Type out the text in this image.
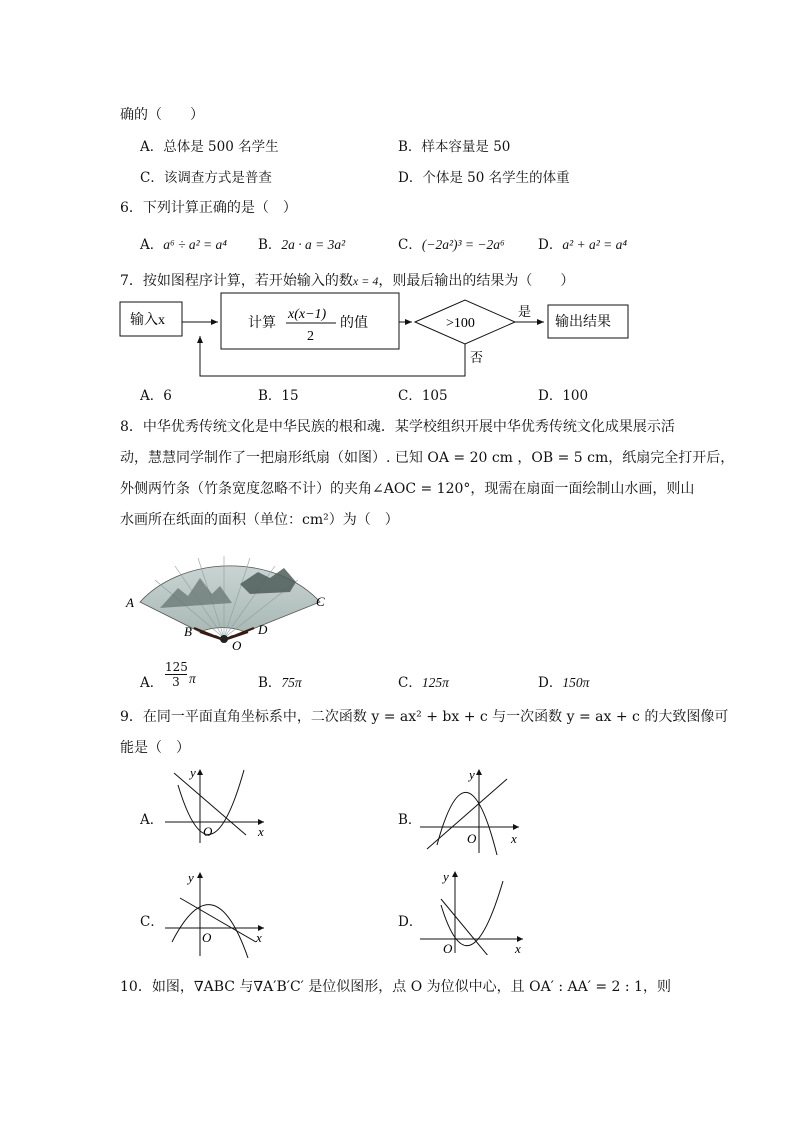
确的（　　）
A．总体是 500 名学生	B．样本容量是 50
C．该调查方式是普查	D．个体是 50 名学生的体重
6．下列计算正确的是（　）
A．a⁶ ÷ a² = a⁴ B．2a · a = 3a²	C．(−2a²)³ = −2a⁶ D．a² + a² = a⁴
7．按如图程序计算，若开始输入的数x = 4，则最后输出的结果为（　　）
输入x	计算
x(x−1)
2
的值	>100
是
输出结果
否
A．6	B．15	C．105	D．100
8．中华优秀传统文化是中华民族的根和魂．某学校组织开展中华优秀传统文化成果展示活
动，慧慧同学制作了一把扇形纸扇（如图）. 已知 OA = 20 cm ，OB = 5 cm，纸扇完全打开后，
外侧两竹条（竹条宽度忽略不计）的夹角∠AOC = 120°，现需在扇面一面绘制山水画，则山
水画所在纸面的面积（单位：cm²）为（　）
A
B
C
D
O
A．
125
3 π	B．75π	C．125π	D．150π
9．在同一平面直角坐标系中，二次函数 y = ax² + bx + c 与一次函数 y = ax + c 的大致图像可
能是（　）
A．
y
x
O
B．
y
x
O
C．
y
x
O
D．
y
x
O
10．如图，∇ABC 与∇A′B′C′ 是位似图形，点 O 为位似中心，且 OA′ : AA′ = 2 : 1，则
